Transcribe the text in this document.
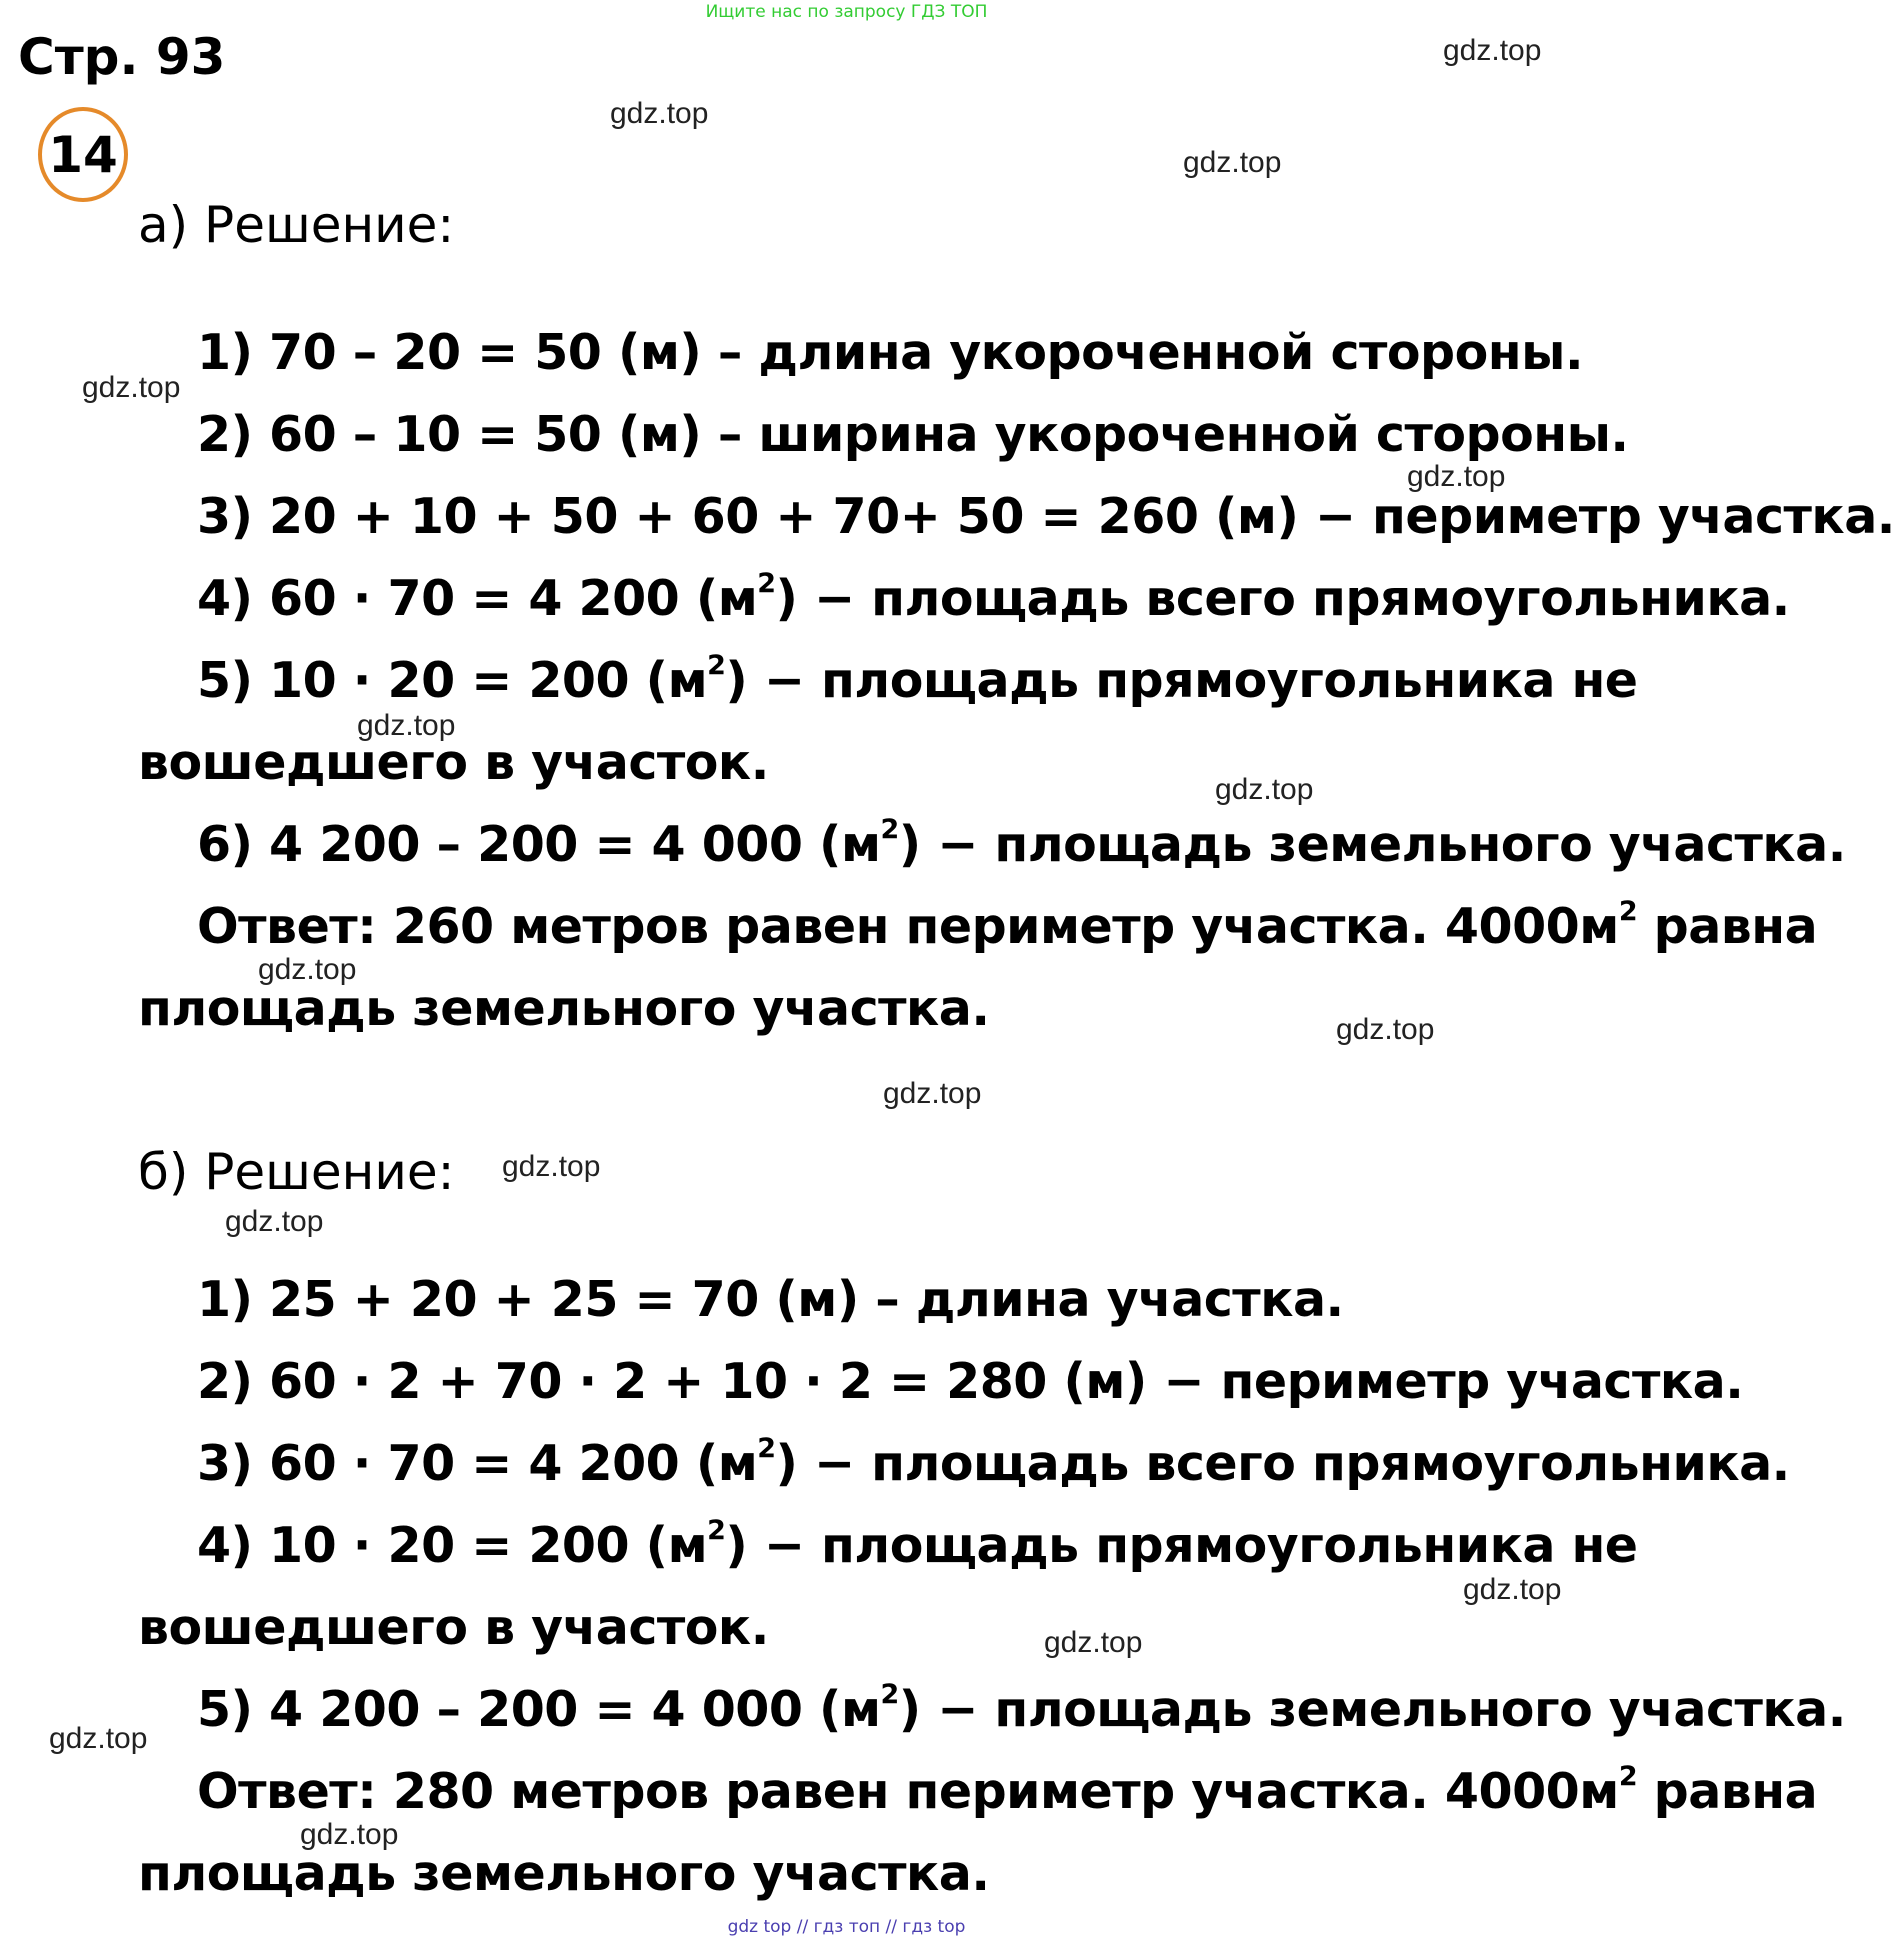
Ищите нас по запросу ГДЗ ТОП
Стр. 93
14
gdz.top
gdz.top
gdz.top
gdz.top
gdz.top
gdz.top
gdz.top
gdz.top
gdz.top
gdz.top
gdz.top
gdz.top
gdz.top
gdz.top
gdz.top
gdz.top
а) Решение:
1) 70 – 20 = 50 (м) – длина укороченной стороны.
2) 60 – 10 = 50 (м) – ширина укороченной стороны.
3) 20 + 10 + 50 + 60 + 70+ 50 = 260 (м) − периметр участка.
4) 60 · 70 = 4 200 $(м^2)$ − площадь всего прямоугольника.
5) 10 · 20 = 200 $(м^2)$ − площадь прямоугольника не
вошедшего в участок.
6) 4 200 – 200 = 4 000 $(м^2)$ − площадь земельного участка.
Ответ: 260 метров равен периметр участка. $4000м^2$ равна
площадь земельного участка.
б) Решение:
1) 25 + 20 + 25 = 70 (м) – длина участка.
2) 60 · 2 + 70 · 2 + 10 · 2 = 280 (м) − периметр участка.
3) 60 · 70 = 4 200 $(м^2)$ − площадь всего прямоугольника.
4) 10 · 20 = 200 $(м^2)$ − площадь прямоугольника не
вошедшего в участок.
5) 4 200 – 200 = 4 000 $(м^2)$ − площадь земельного участка.
Ответ: 280 метров равен периметр участка. $4000м^2$ равна
площадь земельного участка.
gdz top // гдз топ // гдз top
